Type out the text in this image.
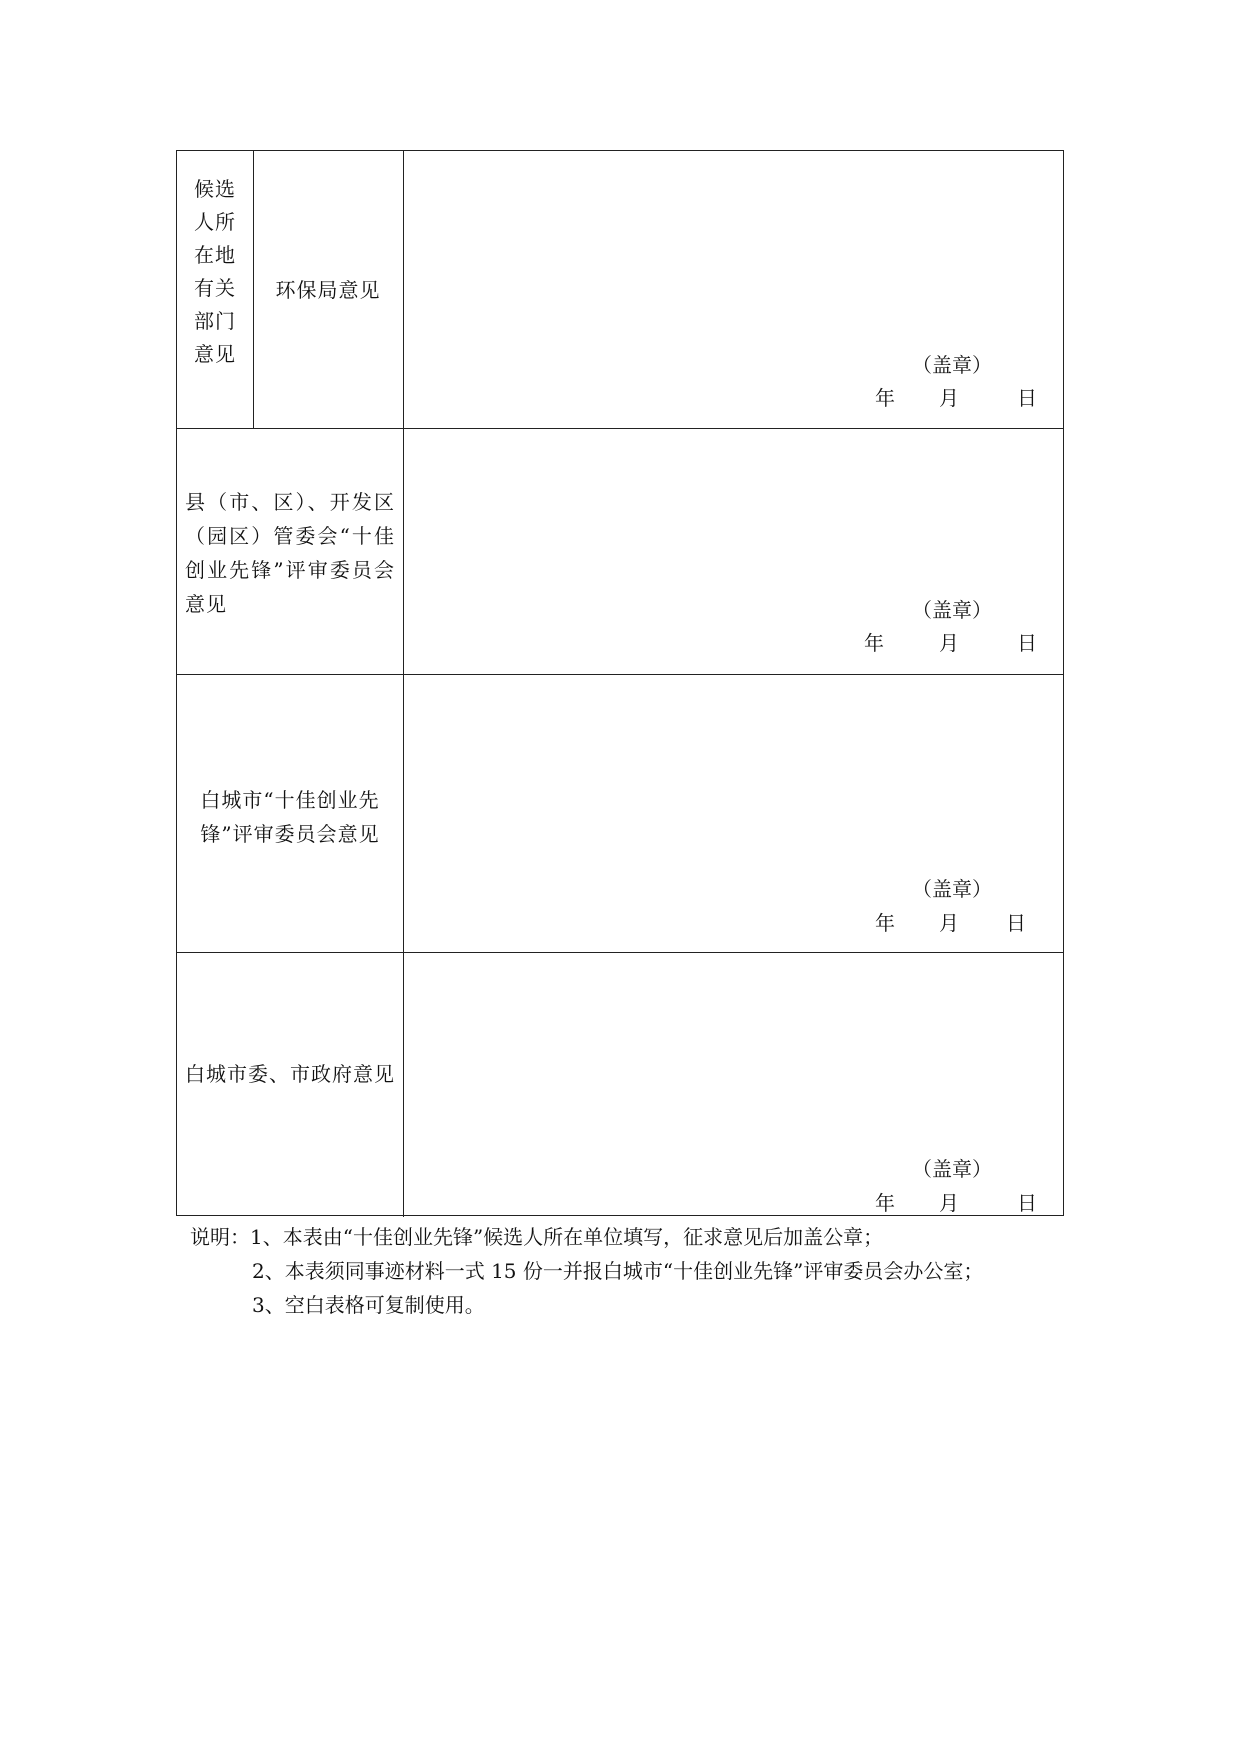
候选
人所
在地
有关
部门
意见
环保局意见
（盖章）
年 月	日
县（市、区）、开发区（园区）管委会“十佳创业先锋”评审委员会意见	（盖章）
年	月	日
白城市“十佳创业先锋”评审委员会意见
（盖章）
年 月 日
白城市委、市政府意见
（盖章）
年 月	日
说明：1、本表由“十佳创业先锋”候选人所在单位填写，征求意见后加盖公章；
2、本表须同事迹材料一式 15 份一并报白城市“十佳创业先锋”评审委员会办公室；
3、空白表格可复制使用。
